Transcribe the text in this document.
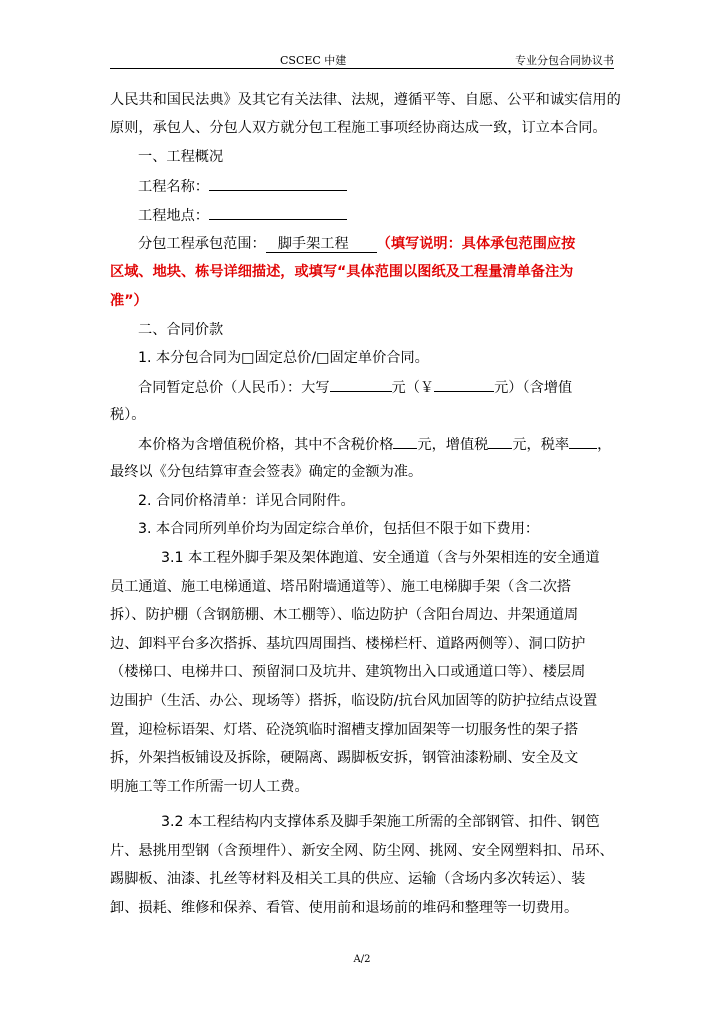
CSCEC 中建	专业分包合同协议书
人民共和国民法典》及其它有关法律、法规，遵循平等、自愿、公平和诚实信用的
原则，承包人、分包人双方就分包工程施工事项经协商达成一致，订立本合同。
一、工程概况
工程名称：
工程地点：
分包工程承包范围： 脚手架工程 （填写说明：具体承包范围应按
区域、地块、栋号详细描述，或填写“具体范围以图纸及工程量清单备注为
准”）
二、合同价款
1. 本分包合同为□固定总价/□固定单价合同。
合同暂定总价（人民币）：大写	元（￥	元）（含增值
税）。
本价格为含增值税价格，其中不含税价格 元，增值税 元，税率 ，
最终以《分包结算审查会签表》确定的金额为准。
2. 合同价格清单：详见合同附件。
3. 本合同所列单价均为固定综合单价，包括但不限于如下费用：
3.1 本工程外脚手架及架体跑道、安全通道（含与外架相连的安全通道
员工通道、施工电梯通道、塔吊附墙通道等）、施工电梯脚手架（含二次搭
拆）、防护棚（含钢筋棚、木工棚等）、临边防护（含阳台周边、井架通道周
边、卸料平台多次搭拆、基坑四周围挡、楼梯栏杆、道路两侧等）、洞口防护
（楼梯口、电梯井口、预留洞口及坑井、建筑物出入口或通道口等）、楼层周
边围护（生活、办公、现场等）搭拆，临设防/抗台风加固等的防护拉结点设置
置，迎检标语架、灯塔、砼浇筑临时溜槽支撑加固架等一切服务性的架子搭
拆，外架挡板铺设及拆除，硬隔离、踢脚板安拆，钢管油漆粉刷、安全及文
明施工等工作所需一切人工费。
3.2 本工程结构内支撑体系及脚手架施工所需的全部钢管、扣件、钢笆
片、悬挑用型钢（含预埋件）、新安全网、防尘网、挑网、安全网塑料扣、吊环、
踢脚板、油漆、扎丝等材料及相关工具的供应、运输（含场内多次转运）、装
卸、损耗、维修和保养、看管、使用前和退场前的堆码和整理等一切费用。
A/2
